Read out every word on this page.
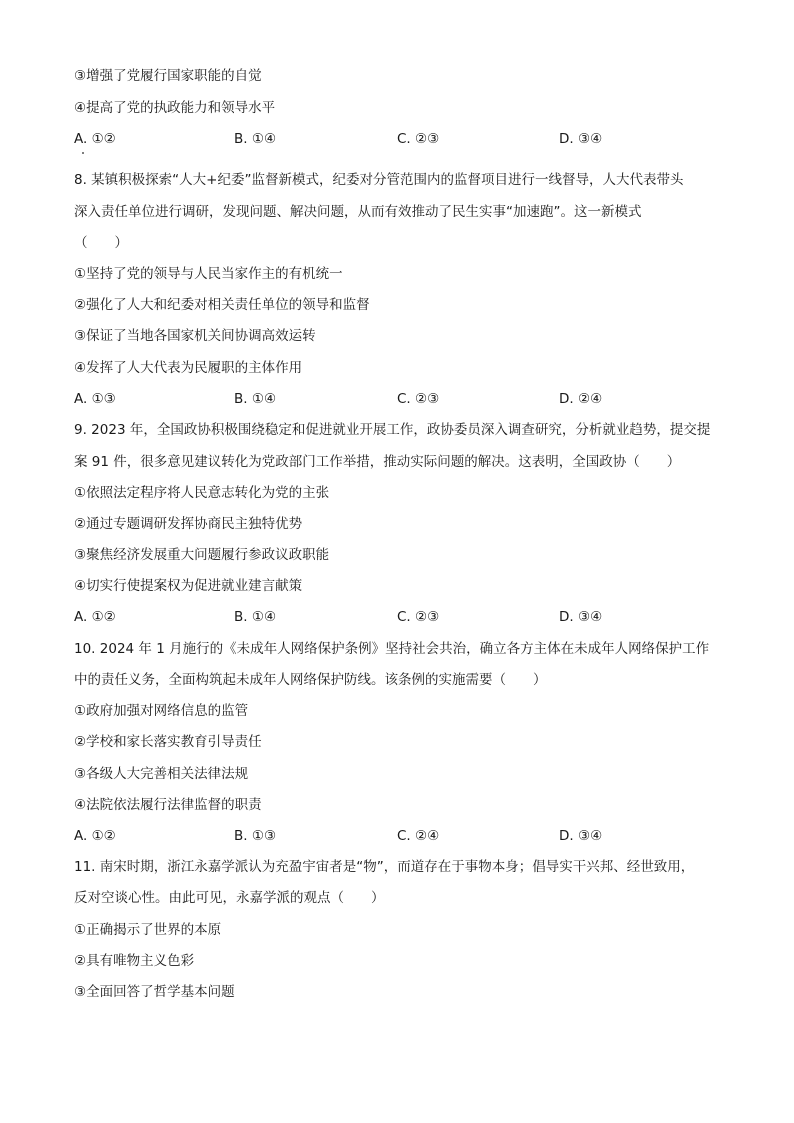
③增强了党履行国家职能的自觉
④提高了党的执政能力和领导水平
A. ①②	B. ①④	C. ②③	D. ③④
8. 某镇积极探索“人大+纪委”监督新模式，纪委对分管范围内的监督项目进行一线督导，人大代表带头
深入责任单位进行调研，发现问题、解决问题，从而有效推动了民生实事“加速跑”。这一新模式
（　　）
①坚持了党的领导与人民当家作主的有机统一
②强化了人大和纪委对相关责任单位的领导和监督
③保证了当地各国家机关间协调高效运转
④发挥了人大代表为民履职的主体作用
A. ①③	B. ①④	C. ②③	D. ②④
9. 2023 年，全国政协积极围绕稳定和促进就业开展工作，政协委员深入调查研究，分析就业趋势，提交提
案 91 件，很多意见建议转化为党政部门工作举措，推动实际问题的解决。这表明，全国政协（　　）
①依照法定程序将人民意志转化为党的主张
②通过专题调研发挥协商民主独特优势
③聚焦经济发展重大问题履行参政议政职能
④切实行使提案权为促进就业建言献策
A. ①②	B. ①④	C. ②③	D. ③④
10. 2024 年 1 月施行的《未成年人网络保护条例》坚持社会共治，确立各方主体在未成年人网络保护工作
中的责任义务，全面构筑起未成年人网络保护防线。该条例的实施需要（　　）
①政府加强对网络信息的监管
②学校和家长落实教育引导责任
③各级人大完善相关法律法规
④法院依法履行法律监督的职责
A. ①②	B. ①③	C. ②④	D. ③④
11. 南宋时期，浙江永嘉学派认为充盈宇宙者是“物”，而道存在于事物本身；倡导实干兴邦、经世致用，
反对空谈心性。由此可见，永嘉学派的观点（　　）
①正确揭示了世界的本原
②具有唯物主义色彩
③全面回答了哲学基本问题
